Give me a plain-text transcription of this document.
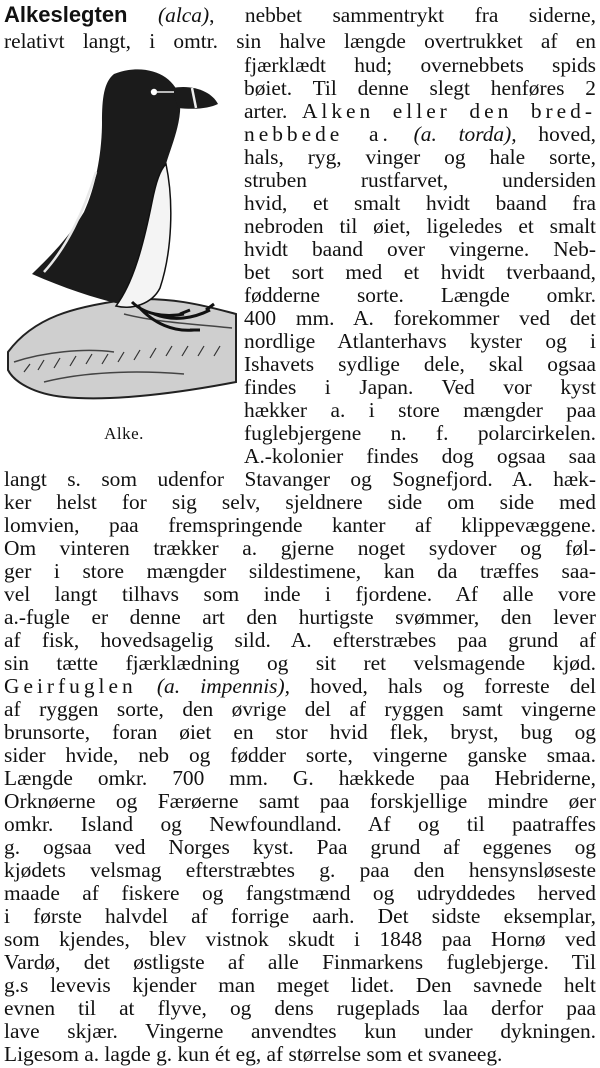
Alke.
Alkeslegten (alca), nebbet sammentrykt fra siderne,
relativt langt, i omtr. sin halve længde overtrukket af en
fjærklædt hud; overnebbets spids
bøiet. Til denne slegt henføres 2
arter. Alken eller den bred-
nebbede a. (a. torda), hoved,
hals, ryg, vinger og hale sorte,
struben rustfarvet, undersiden
hvid, et smalt hvidt baand fra
nebroden til øiet, ligeledes et smalt
hvidt baand over vingerne. Neb-
bet sort med et hvidt tverbaand,
fødderne sorte. Længde omkr.
400 mm. A. forekommer ved det
nordlige Atlanterhavs kyster og i
Ishavets sydlige dele, skal ogsaa
findes i Japan. Ved vor kyst
hækker a. i store mængder paa
fuglebjergene n. f. polarcirkelen.
A.-kolonier findes dog ogsaa saa
langt s. som udenfor Stavanger og Sognefjord. A. hæk-
ker helst for sig selv, sjeldnere side om side med
lomvien, paa fremspringende kanter af klippevæggene.
Om vinteren trækker a. gjerne noget sydover og føl-
ger i store mængder sildestimene, kan da træffes saa-
vel langt tilhavs som inde i fjordene. Af alle vore
a.-fugle er denne art den hurtigste svømmer, den lever
af fisk, hovedsagelig sild. A. efterstræbes paa grund af
sin tætte fjærklædning og sit ret velsmagende kjød.
Geirfuglen (a. impennis), hoved, hals og forreste del
af ryggen sorte, den øvrige del af ryggen samt vingerne
brunsorte, foran øiet en stor hvid flek, bryst, bug og
sider hvide, neb og fødder sorte, vingerne ganske smaa.
Længde omkr. 700 mm. G. hækkede paa Hebriderne,
Orknøerne og Færøerne samt paa forskjellige mindre øer
omkr. Island og Newfoundland. Af og til paatraffes
g. ogsaa ved Norges kyst. Paa grund af eggenes og
kjødets velsmag efterstræbtes g. paa den hensynsløseste
maade af fiskere og fangstmænd og udryddedes herved
i første halvdel af forrige aarh. Det sidste eksemplar,
som kjendes, blev vistnok skudt i 1848 paa Hornø ved
Vardø, det østligste af alle Finmarkens fuglebjerge. Til
g.s levevis kjender man meget lidet. Den savnede helt
evnen til at flyve, og dens rugeplads laa derfor paa
lave skjær. Vingerne anvendtes kun under dykningen.
Ligesom a. lagde g. kun ét eg, af størrelse som et svaneeg.
